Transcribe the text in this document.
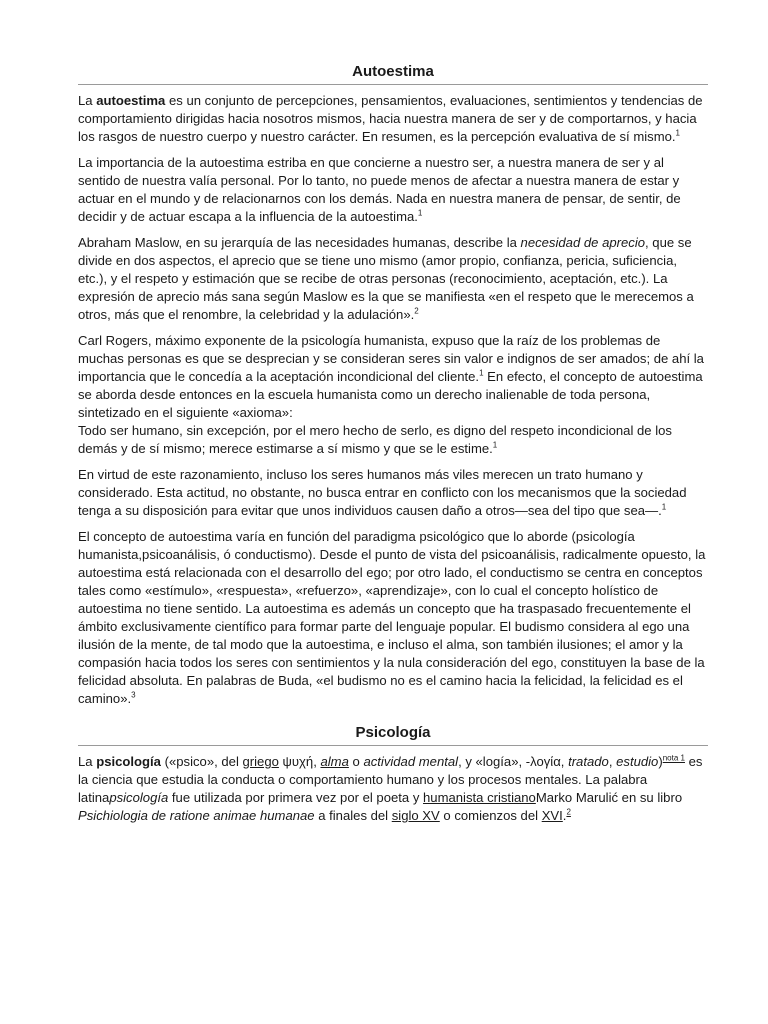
Autoestima

La autoestima es un conjunto de percepciones, pensamientos, evaluaciones, sentimientos y tendencias de comportamiento dirigidas hacia nosotros mismos, hacia nuestra manera de ser y de comportarnos, y hacia los rasgos de nuestro cuerpo y nuestro carácter. En resumen, es la percepción evaluativa de sí mismo.$^1$

La importancia de la autoestima estriba en que concierne a nuestro ser, a nuestra manera de ser y al sentido de nuestra valía personal. Por lo tanto, no puede menos de afectar a nuestra manera de estar y actuar en el mundo y de relacionarnos con los demás. Nada en nuestra manera de pensar, de sentir, de decidir y de actuar escapa a la influencia de la autoestima.$^1$

Abraham Maslow, en su jerarquía de las necesidades humanas, describe la necesidad de aprecio, que se divide en dos aspectos, el aprecio que se tiene uno mismo (amor propio, confianza, pericia, suficiencia, etc.), y el respeto y estimación que se recibe de otras personas (reconocimiento, aceptación, etc.). La expresión de aprecio más sana según Maslow es la que se manifiesta «en el respeto que le merecemos a otros, más que el renombre, la celebridad y la adulación».$^2$

Carl Rogers, máximo exponente de la psicología humanista, expuso que la raíz de los problemas de muchas personas es que se desprecian y se consideran seres sin valor e indignos de ser amados; de ahí la importancia que le concedía a la aceptación incondicional del cliente.$^1$ En efecto, el concepto de autoestima se aborda desde entonces en la escuela humanista como un derecho inalienable de toda persona, sintetizado en el siguiente «axioma»:
Todo ser humano, sin excepción, por el mero hecho de serlo, es digno del respeto incondicional de los demás y de sí mismo; merece estimarse a sí mismo y que se le estime.$^1$

En virtud de este razonamiento, incluso los seres humanos más viles merecen un trato humano y considerado. Esta actitud, no obstante, no busca entrar en conflicto con los mecanismos que la sociedad tenga a su disposición para evitar que unos individuos causen daño a otros—sea del tipo que sea—.$^1$

El concepto de autoestima varía en función del paradigma psicológico que lo aborde (psicología humanista,psicoanálisis, ó conductismo). Desde el punto de vista del psicoanálisis, radicalmente opuesto, la autoestima está relacionada con el desarrollo del ego; por otro lado, el conductismo se centra en conceptos tales como «estímulo», «respuesta», «refuerzo», «aprendizaje», con lo cual el concepto holístico de autoestima no tiene sentido. La autoestima es además un concepto que ha traspasado frecuentemente el ámbito exclusivamente científico para formar parte del lenguaje popular. El budismo considera al ego una ilusión de la mente, de tal modo que la autoestima, e incluso el alma, son también ilusiones; el amor y la compasión hacia todos los seres con sentimientos y la nula consideración del ego, constituyen la base de la felicidad absoluta. En palabras de Buda, «el budismo no es el camino hacia la felicidad, la felicidad es el camino».$^3$

Psicología

La psicología («psico», del griego ψυχή, alma o actividad mental, y «logía», -λογία, tratado, estudio)$^{nota 1}$ es la ciencia que estudia la conducta o comportamiento humano y los procesos mentales. La palabra latinapsicología fue utilizada por primera vez por el poeta y humanista cristianoMarko Marulić en su libro Psichiologia de ratione animae humanae a finales del siglo XV o comienzos del XVI.$^2$
